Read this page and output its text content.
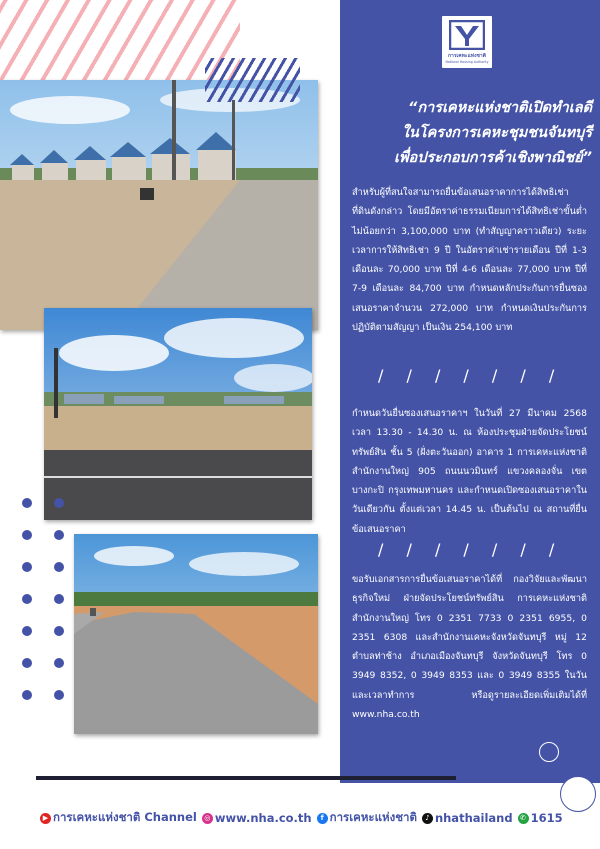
การเคหะแห่งชาติ
National Housing Authority
“การเคหะแห่งชาติเปิดทำเลดี
ในโครงการเคหะชุมชนจันทบุรี
เพื่อประกอบการค้าเชิงพาณิชย์”
สำหรับผู้ที่สนใจสามารถยื่นข้อเสนอราคาการได้สิทธิเช่าที่ดินดังกล่าว โดยมีอัตราค่าธรรมเนียมการได้สิทธิเช่าขั้นต่ำไม่น้อยกว่า 3,100,000 บาท (ทำสัญญาคราวเดียว) ระยะเวลาการให้สิทธิเช่า 9 ปี ในอัตราค่าเช่ารายเดือน ปีที่ 1-3 เดือนละ 70,000 บาท ปีที่ 4-6 เดือนละ 77,000 บาท ปีที่ 7-9 เดือนละ 84,700 บาท กำหนดหลักประกันการยื่นซองเสนอราคาจำนวน 272,000 บาท กำหนดเงินประกันการปฏิบัติตามสัญญา เป็นเงิน 254,100 บาท
/ / / / / / /
กำหนดวันยื่นซองเสนอราคาฯ ในวันที่ 27 มีนาคม 2568 เวลา 13.30 - 14.30 น. ณ ห้องประชุมฝ่ายจัดประโยชน์ทรัพย์สิน ชั้น 5 (ฝั่งตะวันออก) อาคาร 1 การเคหะแห่งชาติ สำนักงานใหญ่ 905 ถนนนวมินทร์ แขวงคลองจั่น เขตบางกะปิ กรุงเทพมหานคร และกำหนดเปิดซองเสนอราคาในวันเดียวกัน ตั้งแต่เวลา 14.45 น. เป็นต้นไป ณ สถานที่ยื่นข้อเสนอราคา
/ / / / / / /
ขอรับเอกสารการยื่นข้อเสนอราคาได้ที่ กองวิจัยและพัฒนาธุรกิจใหม่ ฝ่ายจัดประโยชน์ทรัพย์สิน การเคหะแห่งชาติ สำนักงานใหญ่ โทร 0 2351 7733 0 2351 6955, 0 2351 6308 และสำนักงานเคหะจังหวัดจันทบุรี หมู่ 12 ตำบลท่าช้าง อำเภอเมืองจันทบุรี จังหวัดจันทบุรี โทร 0 3949 8352, 0 3949 8353 และ 0 3949 8355 ในวันและเวลาทำการ หรือดูรายละเอียดเพิ่มเติมได้ที่ www.nha.co.th
▶ การเคหะแห่งชาติ Channel	◎ www.nha.co.th	f การเคหะแห่งชาติ	♪ nhathailand	✆ 1615
